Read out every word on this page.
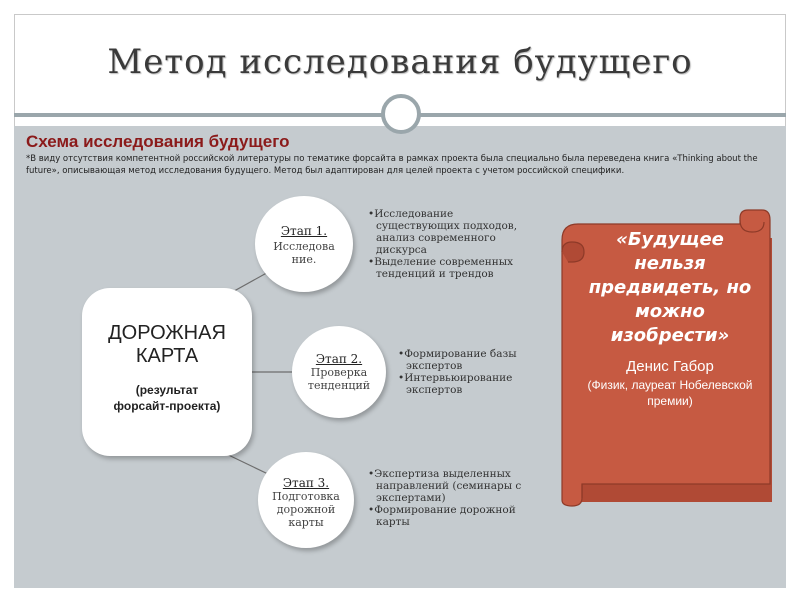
Метод исследования будущего
Схема исследования будущего
*В виду отсутствия компетентной российской литературы по тематике форсайта в рамках проекта была специально была переведена книга «Thinking about the future», описывающая метод исследования будущего. Метод был адаптирован для целей проекта с учетом российской специфики.
Этап 1.
Исследова
ние.
Этап 2.
Проверка
тенденций
Этап 3.
Подготовка
дорожной
карты
ДОРОЖНАЯ
КАРТА
(результат
форсайт-проекта)
•Исследование существующих подходов, анализ современного дискурса
•Выделение современных тенденций и трендов
•Формирование базы экспертов
•Интервьюирование экспертов
•Экспертиза выделенных направлений (семинары с экспертами)
•Формирование дорожной карты
«Будущее нельзя предвидеть, но можно изобрести»
Денис Габор
(Физик, лауреат Нобелевской премии)
